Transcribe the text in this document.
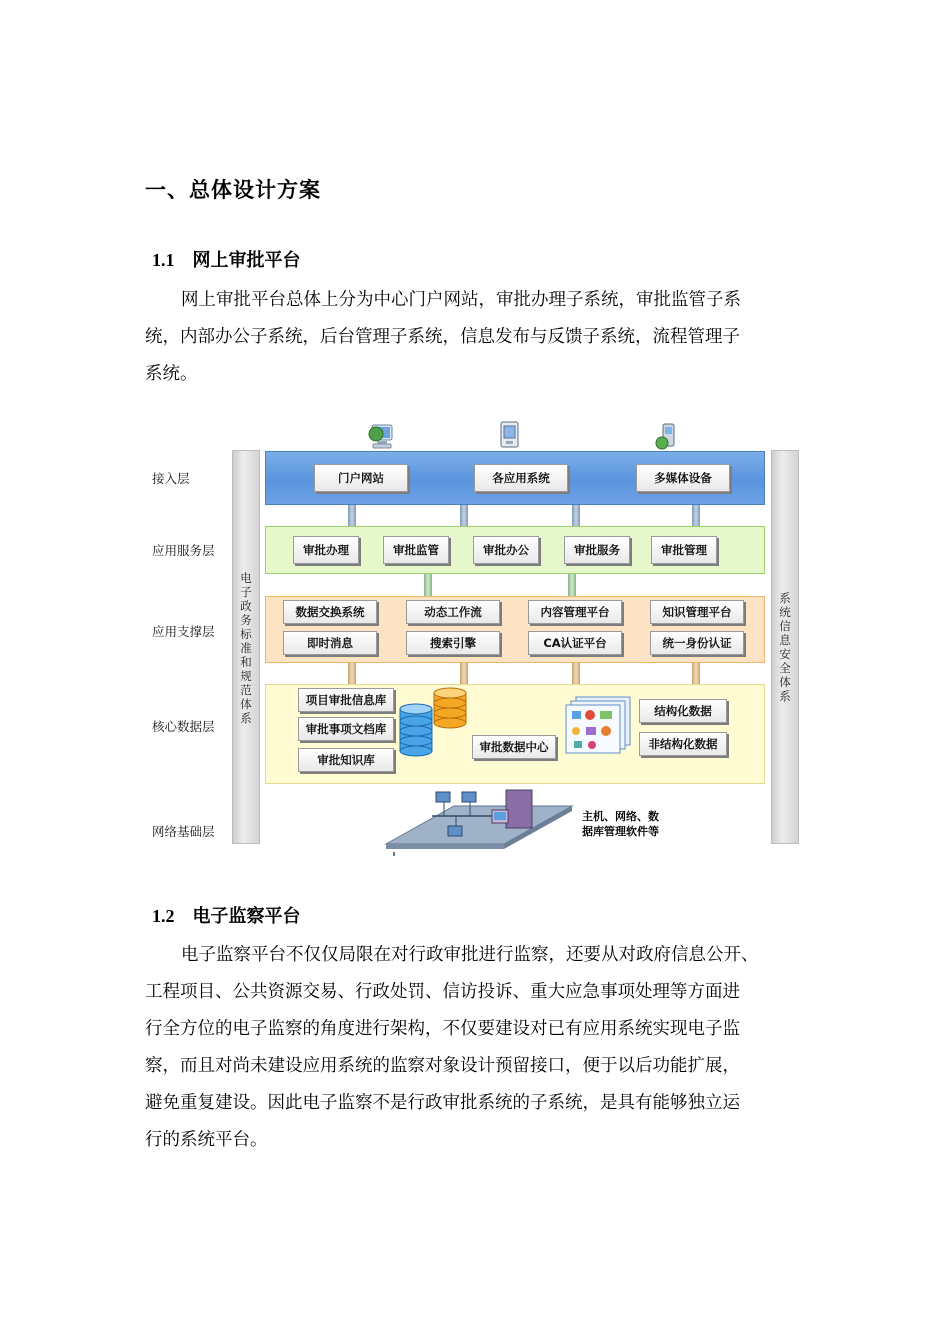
一、总体设计方案
1.1 网上审批平台
网上审批平台总体上分为中心门户网站，审批办理子系统，审批监管子系
统，内部办公子系统，后台管理子系统，信息发布与反馈子系统，流程管理子
系统。
接入层
应用服务层
应用支撑层
核心数据层
网络基础层
电
子
政
务
标
准
和
规
范
体
系
系
统
信
息
安
全
体
系
门户网站	各应用系统	多媒体设备
审批办理	审批监管	审批办公	审批服务	审批管理
数据交换系统	动态工作流	内容管理平台	知识管理平台
即时消息	搜索引擎	CA认证平台	统一身份认证
项目审批信息库
审批事项文档库
审批知识库
审批数据中心
结构化数据
非结构化数据
主机、网络、数
据库管理软件等
1.2 电子监察平台
电子监察平台不仅仅局限在对行政审批进行监察，还要从对政府信息公开、
工程项目、公共资源交易、行政处罚、信访投诉、重大应急事项处理等方面进
行全方位的电子监察的角度进行架构，不仅要建设对已有应用系统实现电子监
察，而且对尚未建设应用系统的监察对象设计预留接口，便于以后功能扩展，
避免重复建设。因此电子监察不是行政审批系统的子系统，是具有能够独立运
行的系统平台。
